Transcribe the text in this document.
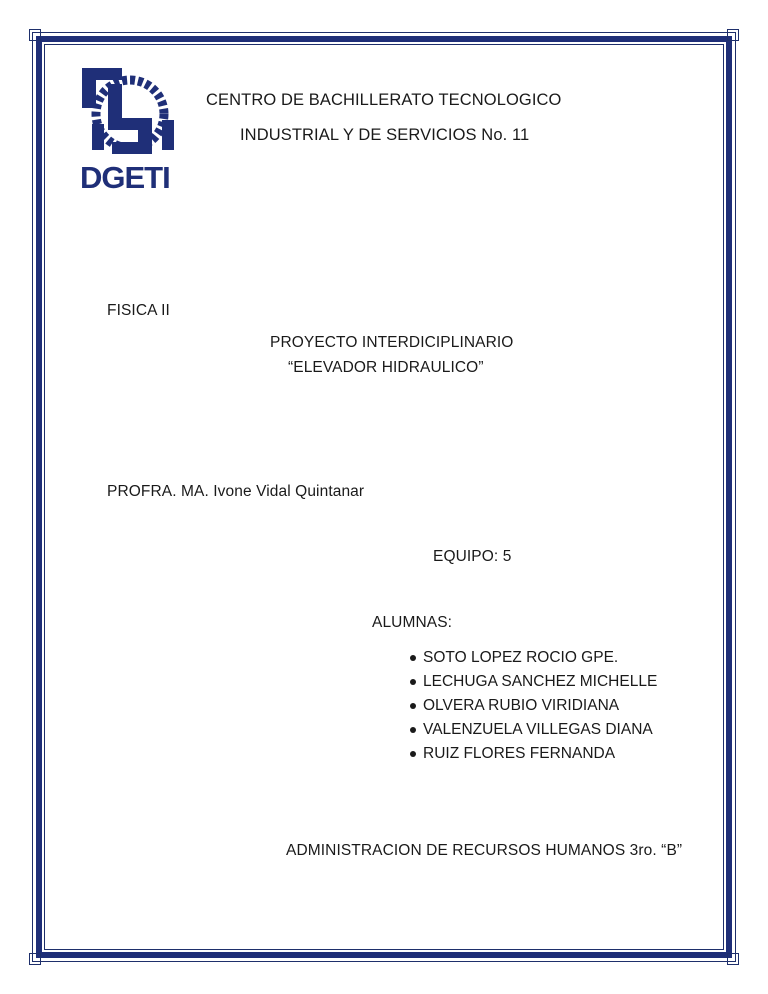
DGETI
CENTRO DE BACHILLERATO TECNOLOGICO
INDUSTRIAL Y DE SERVICIOS No. 11
FISICA II
PROYECTO INTERDICIPLINARIO
“ELEVADOR HIDRAULICO”
PROFRA. MA. Ivone Vidal Quintanar
EQUIPO: 5
ALUMNAS:
SOTO LOPEZ ROCIO GPE.
LECHUGA SANCHEZ MICHELLE
OLVERA RUBIO VIRIDIANA
VALENZUELA VILLEGAS DIANA
RUIZ FLORES FERNANDA
ADMINISTRACION DE RECURSOS HUMANOS 3ro. “B”
